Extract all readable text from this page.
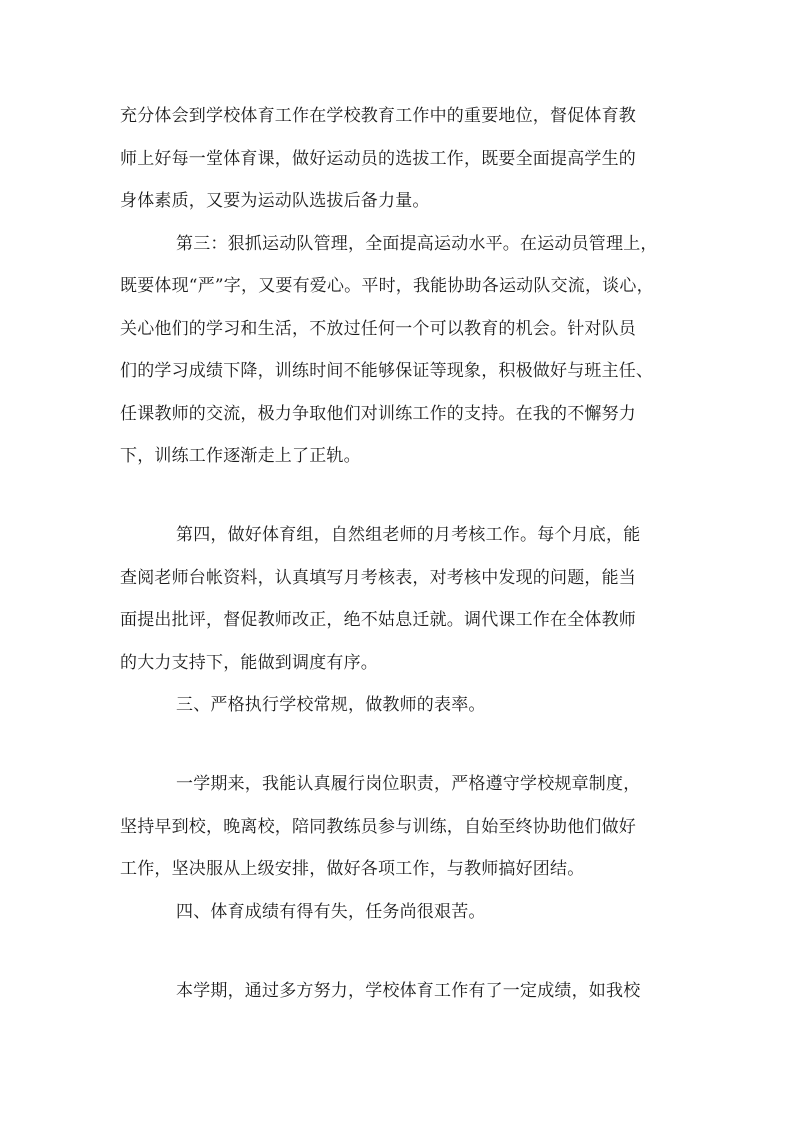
充分体会到学校体育工作在学校教育工作中的重要地位，督促体育教
师上好每一堂体育课，做好运动员的选拔工作，既要全面提高学生的
身体素质，又要为运动队选拔后备力量。
第三：狠抓运动队管理，全面提高运动水平。在运动员管理上，
既要体现“严”字，又要有爱心。平时，我能协助各运动队交流，谈心，
关心他们的学习和生活，不放过任何一个可以教育的机会。针对队员
们的学习成绩下降，训练时间不能够保证等现象，积极做好与班主任、
任课教师的交流，极力争取他们对训练工作的支持。在我的不懈努力
下，训练工作逐渐走上了正轨。
第四，做好体育组，自然组老师的月考核工作。每个月底，能
查阅老师台帐资料，认真填写月考核表，对考核中发现的问题，能当
面提出批评，督促教师改正，绝不姑息迁就。调代课工作在全体教师
的大力支持下，能做到调度有序。
三、严格执行学校常规，做教师的表率。
一学期来，我能认真履行岗位职责，严格遵守学校规章制度，
坚持早到校，晚离校，陪同教练员参与训练，自始至终协助他们做好
工作，坚决服从上级安排，做好各项工作，与教师搞好团结。
四、体育成绩有得有失，任务尚很艰苦。
本学期，通过多方努力，学校体育工作有了一定成绩，如我校
